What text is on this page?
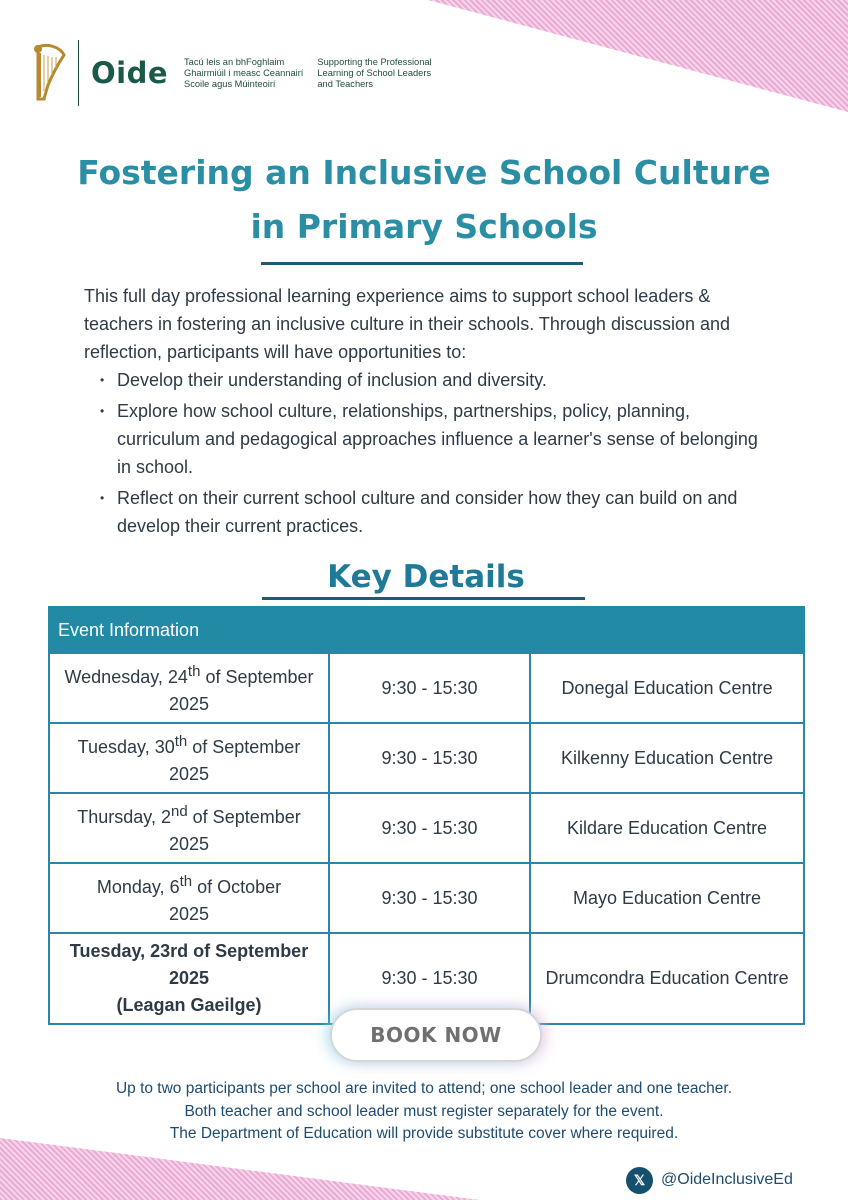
Oide Tacú leis an bhFoghlaim
Ghairmiúil i measc Ceannairí
Scoile agus Múinteoirí
Supporting the Professional
Learning of School Leaders
and Teachers
Fostering an Inclusive School Culture in Primary Schools

This full day professional learning experience aims to support school leaders & teachers in fostering an inclusive culture in their schools. Through discussion and reflection, participants will have opportunities to:

• Develop their understanding of inclusion and diversity.
• Explore how school culture, relationships, partnerships, policy, planning, curriculum and pedagogical approaches influence a learner's sense of belonging in school.
• Reflect on their current school culture and consider how they can build on and develop their current practices.
Key Details
Event Information		
Wednesday, 24th of September
2025	9:30 - 15:30	Donegal Education Centre
Tuesday, 30th of September
2025	9:30 - 15:30	Kilkenny Education Centre
Thursday, 2nd of September
2025	9:30 - 15:30	Kildare Education Centre
Monday, 6th of October
2025	9:30 - 15:30	Mayo Education Centre
Tuesday, 23rd of September
2025
(Leagan Gaeilge)	9:30 - 15:30	Drumcondra Education Centre
BOOK NOW

Up to two participants per school are invited to attend; one school leader and one teacher.
Both teacher and school leader must register separately for the event.
The Department of Education will provide substitute cover where required.

𝕏 @OideInclusiveEd
